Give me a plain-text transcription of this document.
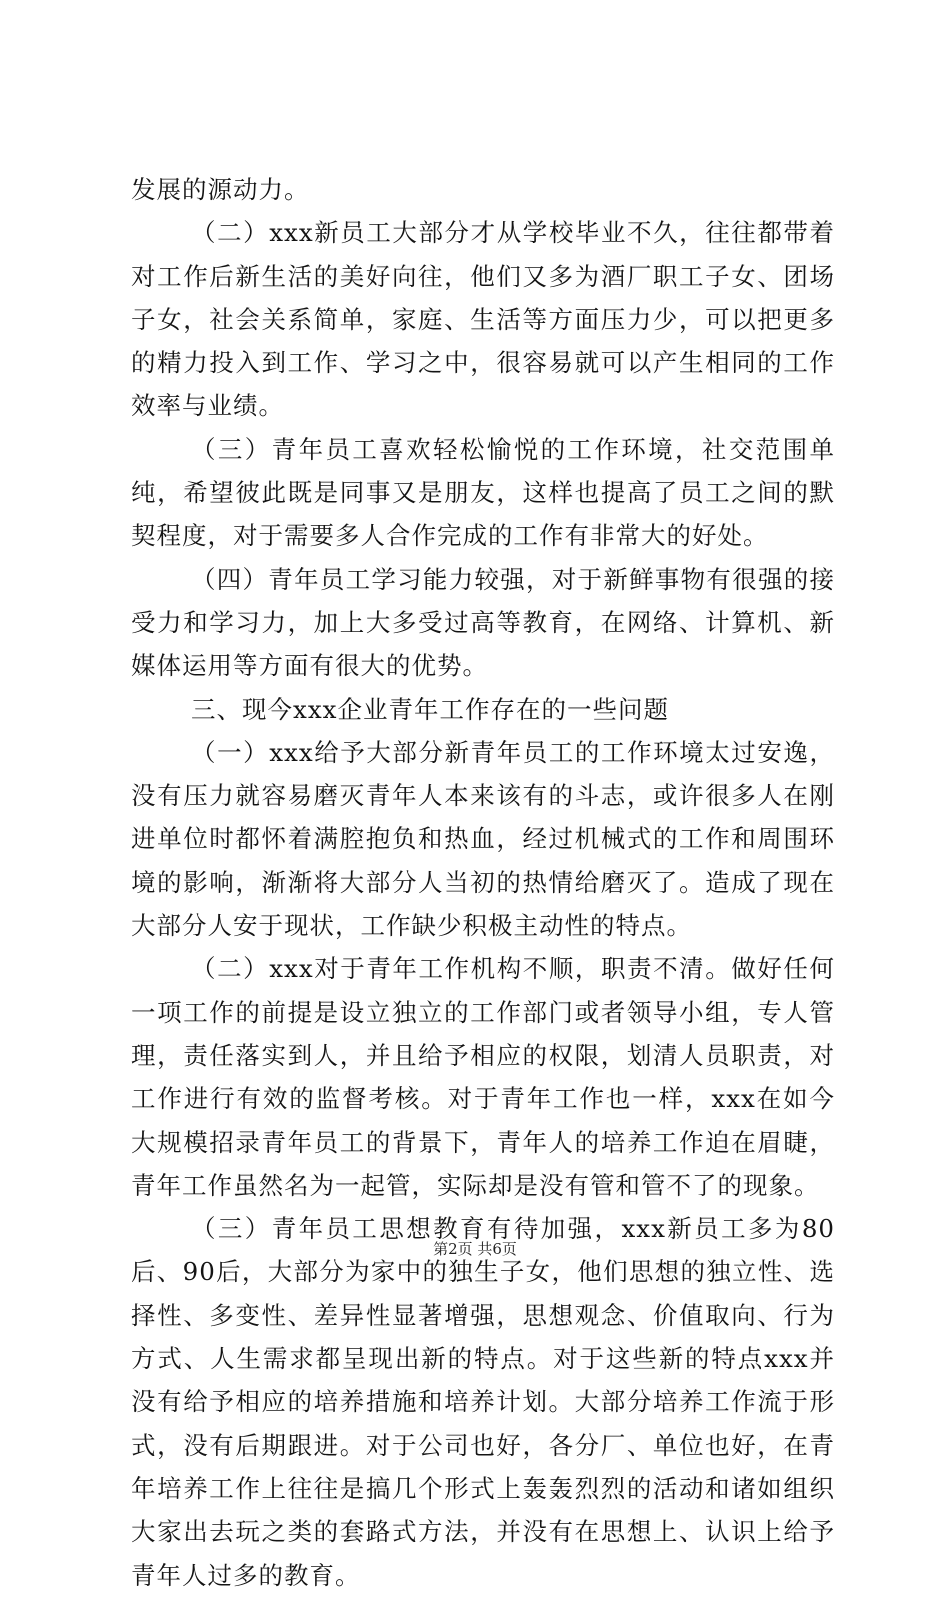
发展的源动力。

（二）xxx新员工大部分才从学校毕业不久，往往都带着对工作后新生活的美好向往，他们又多为酒厂职工子女、团场子女，社会关系简单，家庭、生活等方面压力少，可以把更多的精力投入到工作、学习之中，很容易就可以产生相同的工作效率与业绩。

（三）青年员工喜欢轻松愉悦的工作环境，社交范围单纯，希望彼此既是同事又是朋友，这样也提高了员工之间的默契程度，对于需要多人合作完成的工作有非常大的好处。

（四）青年员工学习能力较强，对于新鲜事物有很强的接受力和学习力，加上大多受过高等教育，在网络、计算机、新媒体运用等方面有很大的优势。

三、现今xxx企业青年工作存在的一些问题

（一）xxx给予大部分新青年员工的工作环境太过安逸，没有压力就容易磨灭青年人本来该有的斗志，或许很多人在刚进单位时都怀着满腔抱负和热血，经过机械式的工作和周围环境的影响，渐渐将大部分人当初的热情给磨灭了。造成了现在大部分人安于现状，工作缺少积极主动性的特点。

（二）xxx对于青年工作机构不顺，职责不清。做好任何一项工作的前提是设立独立的工作部门或者领导小组，专人管理，责任落实到人，并且给予相应的权限，划清人员职责，对工作进行有效的监督考核。对于青年工作也一样，xxx在如今大规模招录青年员工的背景下，青年人的培养工作迫在眉睫，青年工作虽然名为一起管，实际却是没有管和管不了的现象。

（三）青年员工思想教育有待加强，xxx新员工多为80后、90后，大部分为家中的独生子女，他们思想的独立性、选择性、多变性、差异性显著增强，思想观念、价值取向、行为方式、人生需求都呈现出新的特点。对于这些新的特点xxx并没有给予相应的培养措施和培养计划。大部分培养工作流于形式，没有后期跟进。对于公司也好，各分厂、单位也好，在青年培养工作上往往是搞几个形式上轰轰烈烈的活动和诸如组织大家出去玩之类的套路式方法，并没有在思想上、认识上给予青年人过多的教育。

第2页 共6页
